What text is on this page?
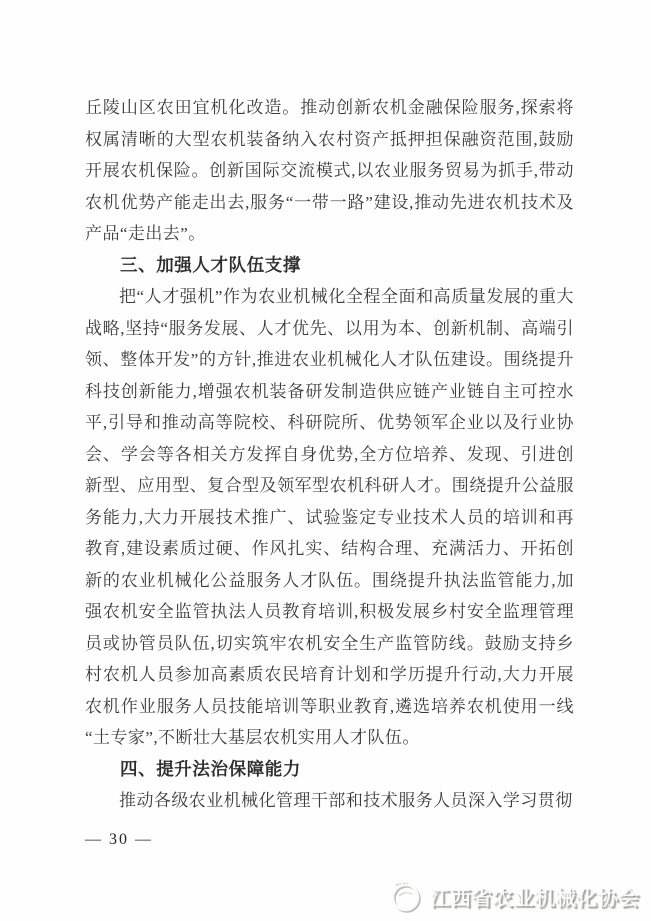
丘陵山区农田宜机化改造。推动创新农机金融保险服务,探索将权属清晰的大型农机装备纳入农村资产抵押担保融资范围,鼓励开展农机保险。创新国际交流模式,以农业服务贸易为抓手,带动农机优势产能走出去,服务“一带一路”建设,推动先进农机技术及产品“走出去”。

三、加强人才队伍支撑

把“人才强机”作为农业机械化全程全面和高质量发展的重大战略,坚持“服务发展、人才优先、以用为本、创新机制、高端引领、整体开发”的方针,推进农业机械化人才队伍建设。围绕提升科技创新能力,增强农机装备研发制造供应链产业链自主可控水平,引导和推动高等院校、科研院所、优势领军企业以及行业协会、学会等各相关方发挥自身优势,全方位培养、发现、引进创新型、应用型、复合型及领军型农机科研人才。围绕提升公益服务能力,大力开展技术推广、试验鉴定专业技术人员的培训和再教育,建设素质过硬、作风扎实、结构合理、充满活力、开拓创新的农业机械化公益服务人才队伍。围绕提升执法监管能力,加强农机安全监管执法人员教育培训,积极发展乡村安全监理管理员或协管员队伍,切实筑牢农机安全生产监管防线。鼓励支持乡村农机人员参加高素质农民培育计划和学历提升行动,大力开展农机作业服务人员技能培训等职业教育,遴选培养农机使用一线“土专家”,不断壮大基层农机实用人才队伍。

四、提升法治保障能力

推动各级农业机械化管理干部和技术服务人员深入学习贯彻

— 30 —
江西省农业机械化协会
